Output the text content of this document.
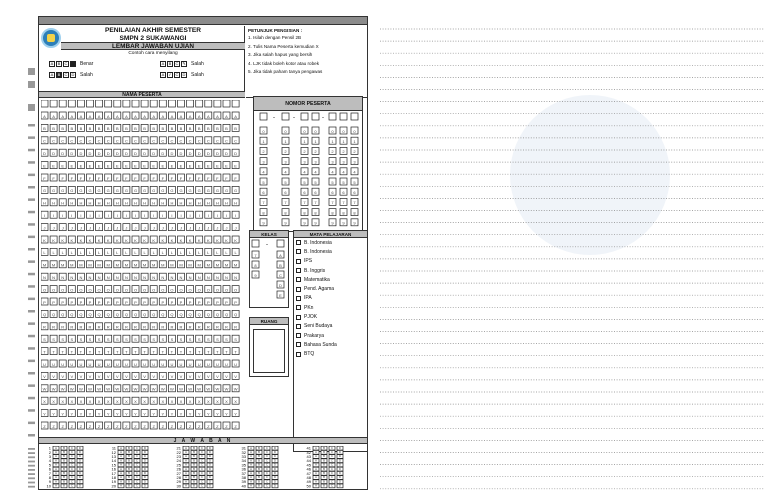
PENILAIAN AKHIR SEMESTER
SMPN 2 SUKAWANGI
LEMBAR JAWABAN UJIAN
Contoh cara menyilang
A	B	C	Benar
A	B	C	D	Salah
A	B	C ✎ Salah
A ✓ C	D	Salah
PETUNJUK PENGISIAN :
1. Isilah dengan Pensil 2B
2. Tulis Nama Peserta kemudian X
3. Jika salah hapus yang bersih
4. LJK tidak boleh kotor atau robek
5. Jika tidak paham tanya pengawas
NAMA PESERTA
A A A A A A A A A A A A A A A A A A A A A A
B B B B B B B B B B B B B B B B B B B B B B
C C C C C C C C C C C C C C C C C C C C C C
D D D D D D D D D D D D D D D D D D D D D D
E E E E E E E E E E E E E E E E E E E E E E
F F F F F F F F F F F F F F F F F F F F F F
G G G G G G G G G G G G G G G G G G G G G G
H H H H H H H H H H H H H H H H H H H H H H
I I I I I I I I I I I I I I I I I I I I I I
J J J J J J J J J J J J J J J J J J J J J J
K K K K K K K K K K K K K K K K K K K K K K
L L L L L L L L L L L L L L L L L L L L L L
M M M M M M M M M M M M M M M M M M M M M M
N N N N N N N N N N N N N N N N N N N N N N
O O O O O O O O O O O O O O O O O O O O O O
P P P P P P P P P P P P P P P P P P P P P P
Q Q Q Q Q Q Q Q Q Q Q Q Q Q Q Q Q Q Q Q Q Q
R R R R R R R R R R R R R R R R R R R R R R
S S S S S S S S S S S S S S S S S S S S S S
T T T T T T T T T T T T T T T T T T T T T T
U U U U U U U U U U U U U U U U U U U U U U
V V V V V V V V V V V V V V V V V V V V V V
W W W W W W W W W W W W W W W W W W W W W W
X X X X X X X X X X X X X X X X X X X X X X
Y Y Y Y Y Y Y Y Y Y Y Y Y Y Y Y Y Y Y Y Y Y
Z Z Z Z Z Z Z Z Z Z Z Z Z Z Z Z Z Z Z Z Z Z
NOMOR PESERTA
-	-	-
0	0	0 0	0 0 0
1	1	1 1	1 1 1
2	2	2 2	2 2 2
3	3	3 3	3 3 3
4	4	4 4	4 4 4
5	5	5 5	5 5 5
6	6	6 6	6 6 6
7	7	7 7	7 7 7
8	8	8 8	8 8 8
9	9	9 9	9 9 9
KELAS
-
7
8
9
A
B
C
D
E
MATA PELAJARAN
B. Indonesia
B. Indonesia
IPS
B. Inggris
Matematika
Pend. Agama
IPA
PKn
PJOK
Seni Budaya
Prakarya
Bahasa Sunda
BTQ
RUANG
J A W A B A N
1 A B C D
2 A B C D
3 A B C D
4 A B C D
5 A B C D
6 A B C D
7 A B C D
8 A B C D
9 A B C D
10 A B C D
11 A B C D
12 A B C D
13 A B C D
14 A B C D
15 A B C D
16 A B C D
17 A B C D
18 A B C D
19 A B C D
20 A B C D
21 A B C D
22 A B C D
23 A B C D
24 A B C D
25 A B C D
26 A B C D
27 A B C D
28 A B C D
29 A B C D
30 A B C D
31 A B C D
32 A B C D
33 A B C D
34 A B C D
35 A B C D
36 A B C D
37 A B C D
38 A B C D
39 A B C D
40 A B C D
41 A B C D
42 A B C D
43 A B C D
44 A B C D
45 A B C D
46 A B C D
47 A B C D
48 A B C D
49 A B C D
50 A B C D
